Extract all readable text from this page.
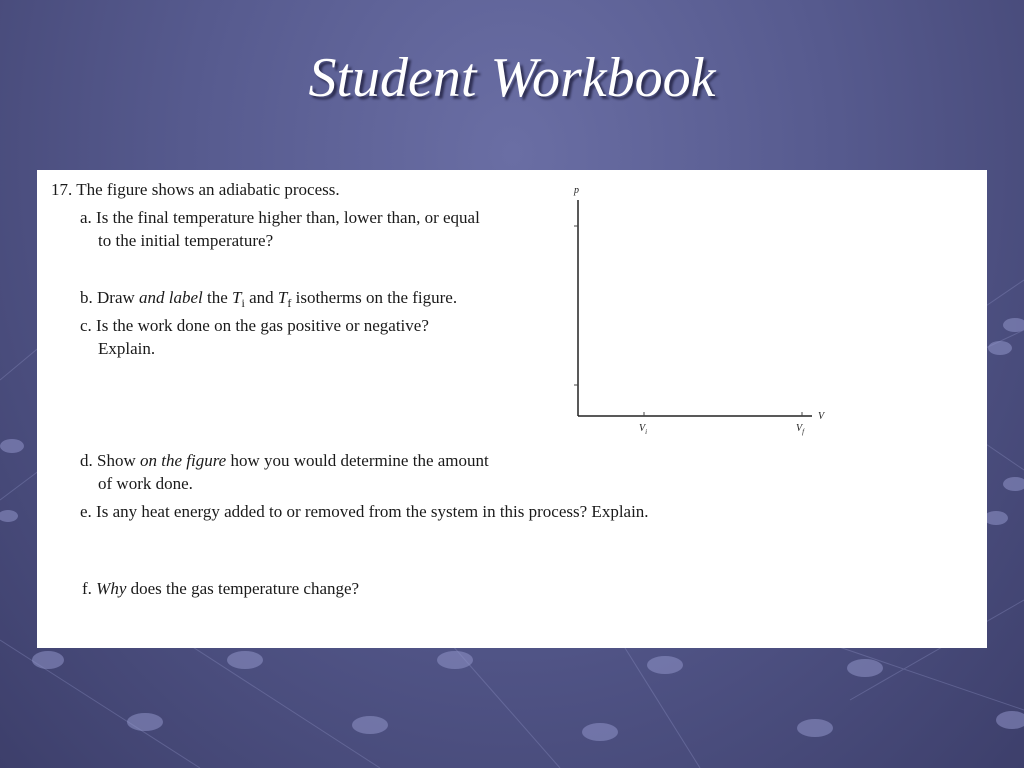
Student Workbook
17. The figure shows an adiabatic process.
a. Is the final temperature higher than, lower than, or equal
to the initial temperature?
b. Draw and label the $T_i$ and $T_f$ isotherms on the figure.
c. Is the work done on the gas positive or negative?
Explain.
d. Show on the figure how you would determine the amount
of work done.
e. Is any heat energy added to or removed from the system in this process? Explain.
f. Why does the gas temperature change?
p
V
$V_i$	$V_f$
